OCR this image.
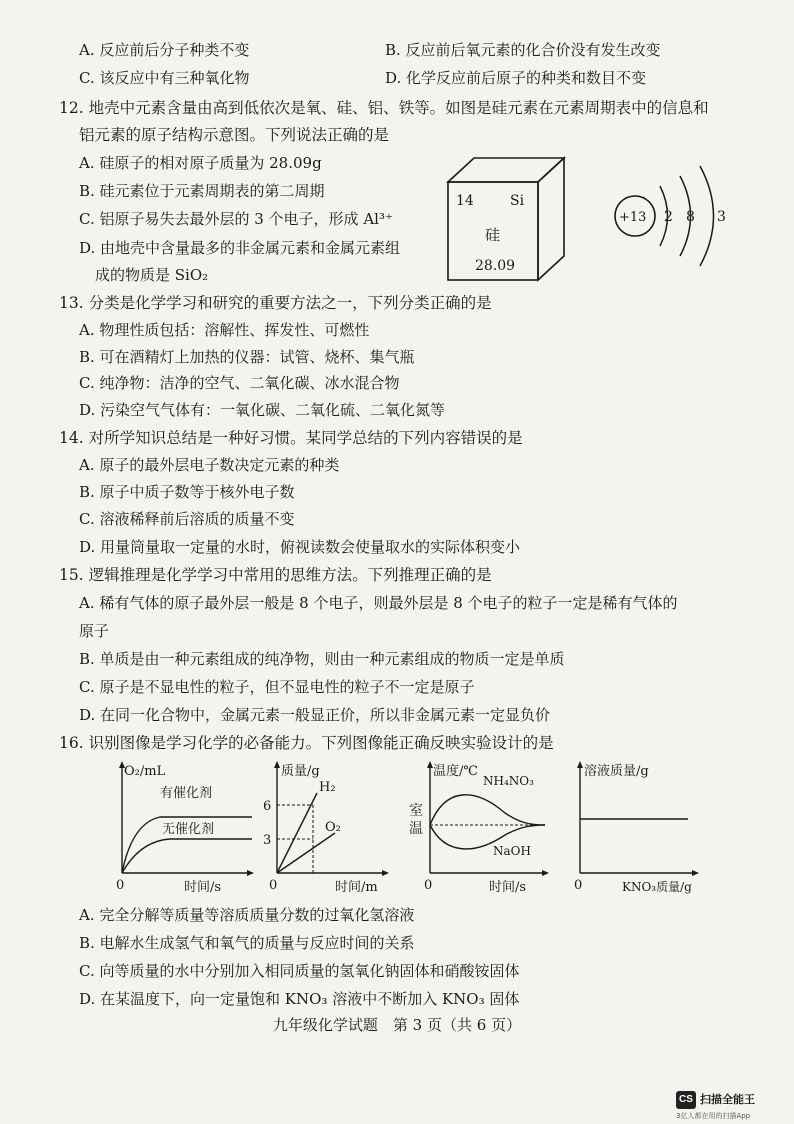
A. 反应前后分子种类不变	B. 反应前后氧元素的化合价没有发生改变
C. 该反应中有三种氧化物	D. 化学反应前后原子的种类和数目不变
12. 地壳中元素含量由高到低依次是氧、硅、铝、铁等。如图是硅元素在元素周期表中的信息和
铝元素的原子结构示意图。下列说法正确的是
A. 硅原子的相对原子质量为 28.09g
B. 硅元素位于元素周期表的第二周期
C. 铝原子易失去最外层的 3 个电子，形成 Al³⁺
D. 由地壳中含量最多的非金属元素和金属元素组
成的物质是 SiO₂
14	Si
硅
28.09
+13 2 8 3
13. 分类是化学学习和研究的重要方法之一，下列分类正确的是
A. 物理性质包括：溶解性、挥发性、可燃性
B. 可在酒精灯上加热的仪器：试管、烧杯、集气瓶
C. 纯净物：洁净的空气、二氧化碳、冰水混合物
D. 污染空气气体有：一氧化碳、二氧化硫、二氧化氮等
14. 对所学知识总结是一种好习惯。某同学总结的下列内容错误的是
A. 原子的最外层电子数决定元素的种类
B. 原子中质子数等于核外电子数
C. 溶液稀释前后溶质的质量不变
D. 用量筒量取一定量的水时，俯视读数会使量取水的实际体积变小
15. 逻辑推理是化学学习中常用的思维方法。下列推理正确的是
A. 稀有气体的原子最外层一般是 8 个电子，则最外层是 8 个电子的粒子一定是稀有气体的
原子
B. 单质是由一种元素组成的纯净物，则由一种元素组成的物质一定是单质
C. 原子是不显电性的粒子，但不显电性的粒子不一定是原子
D. 在同一化合物中，金属元素一般显正价，所以非金属元素一定显负价
16. 识别图像是学习化学的必备能力。下列图像能正确反映实验设计的是
O₂/mL
有催化剂
无催化剂
0	时间/s
质量/g
6
3
H₂
O₂
0	时间/m
温度/℃
室
温
NH₄NO₃
NaOH
0	时间/s
溶液质量/g
0	KNO₃质量/g
A. 完全分解等质量等溶质质量分数的过氧化氢溶液
B. 电解水生成氢气和氧气的质量与反应时间的关系
C. 向等质量的水中分别加入相同质量的氢氧化钠固体和硝酸铵固体
D. 在某温度下，向一定量饱和 KNO₃ 溶液中不断加入 KNO₃ 固体
九年级化学试题　第 3 页（共 6 页）
CS 扫描全能王
3亿人都在用的扫描App
